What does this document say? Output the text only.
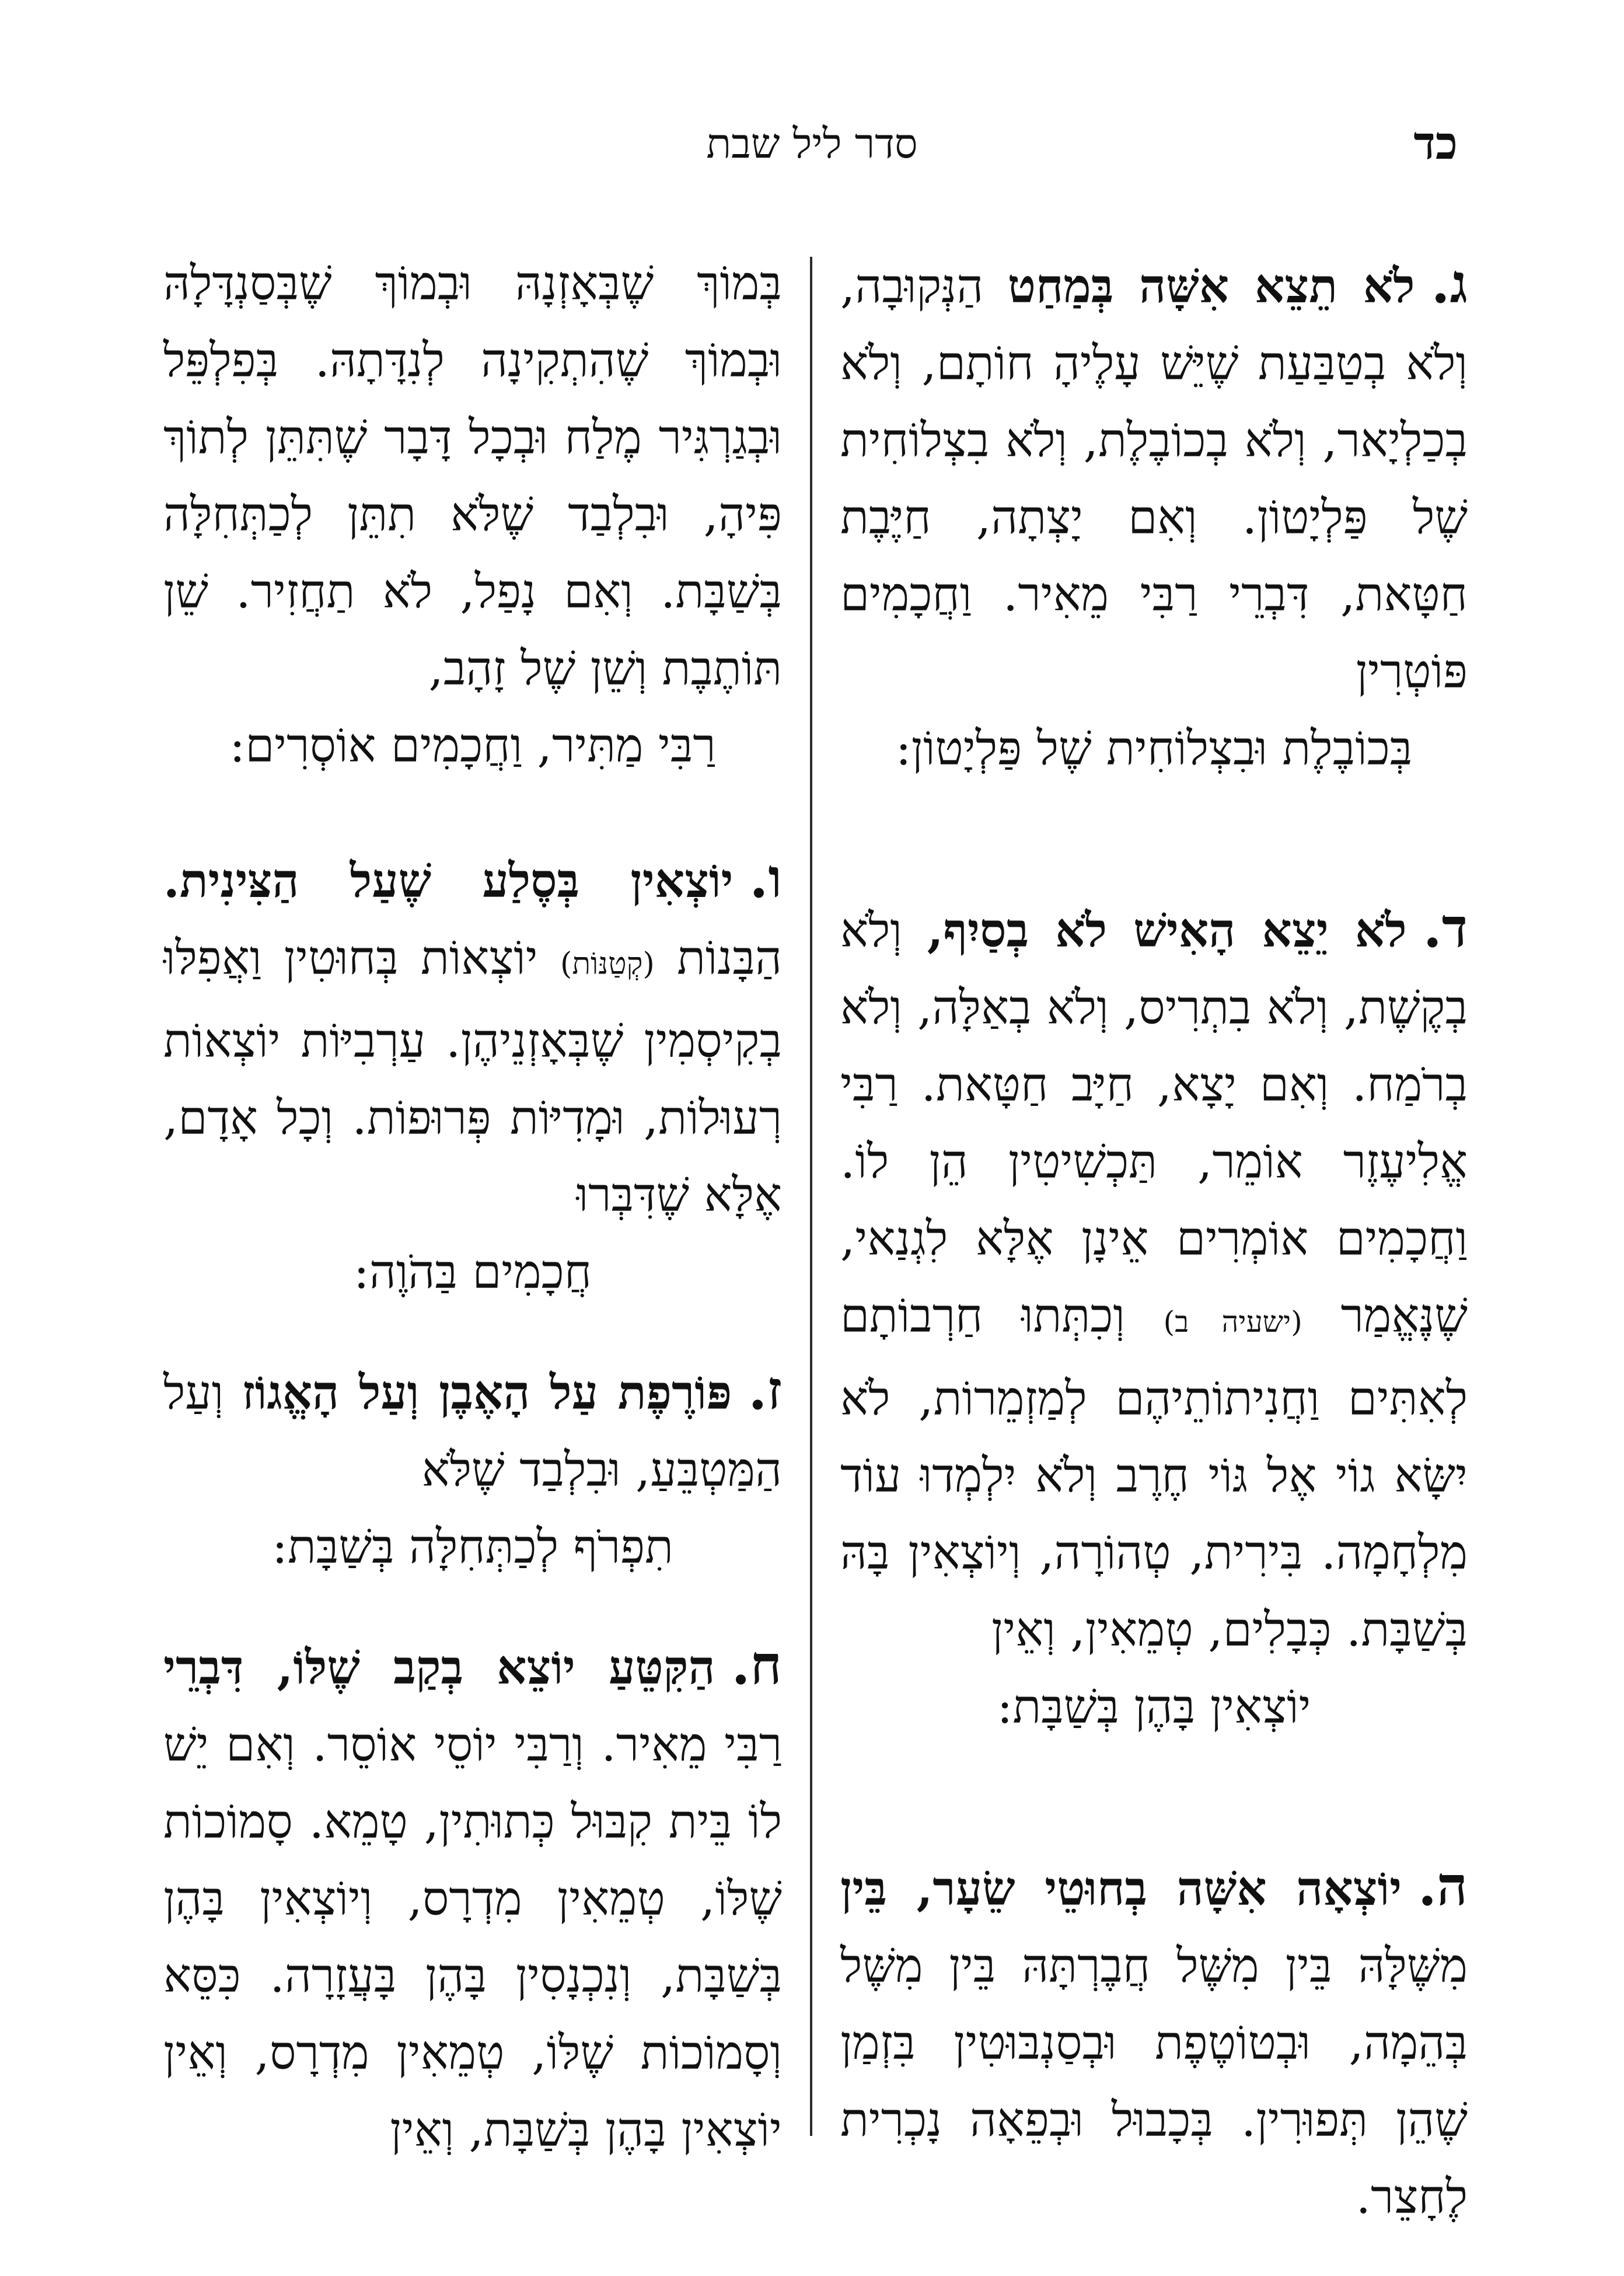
כד
סדר ליל שבת

ג.לֹא תֵצֵא אִשָּׁה בְּמַחַט הַנְּקוּבָה, וְלֹא בְטַבַּעַת שֶׁיֵּשׁ עָלֶיהָ חוֹתָם, וְלֹא בְכַלְיָאר, וְלֹא בְכוֹבֶלֶת, וְלֹא בִצְלוֹחִית שֶׁל פַּלְיָטוֹן. וְאִם יָצְתָה, חַיֶּבֶת חַטָּאת, דִּבְרֵי רַבִּי מֵאִיר. וַחֲכָמִים פּוֹטְרִין

בְּכוֹבֶלֶת וּבִצְלוֹחִית שֶׁל פַּלְיָטוֹן:

ד.לֹא יֵצֵא הָאִישׁ לֹא בְסַיִף, וְלֹא בְקֶשֶׁת, וְלֹא בִתְרִיס, וְלֹא בְאַלָּה, וְלֹא בְרֹמַח. וְאִם יָצָא, חַיָּב חַטָּאת. רַבִּי אֱלִיעֶזֶר אוֹמֵר, תַּכְשִׁיטִין הֵן לוֹ. וַחֲכָמִים אוֹמְרִים אֵינָן אֶלָּא לִגְנַאי, שֶׁנֶּאֱמַר (ישעיה ב) וְכִתְּתוּ חַרְבוֹתָם לְאִתִּים וַחֲנִיתוֹתֵיהֶם לְמַזְמֵרוֹת, לֹא יִשָּׂא גוֹי אֶל גּוֹי חֶרֶב וְלֹא יִלְמְדוּ עוֹד מִלְחָמָה. בִּירִית, טְהוֹרָה, וְיוֹצְאִין בָּהּ בְּשַׁבָּת. כְּבָלִים, טְמֵאִין, וְאֵין

יוֹצְאִין בָּהֶן בְּשַׁבָּת:

ה.יוֹצְאָה אִשָּׁה בְחוּטֵי שֵׂעָר, בֵּין מִשֶּׁלָּהּ בֵּין מִשֶּׁל חֲבֶרְתָּהּ בֵּין מִשֶּׁל בְּהֵמָה, וּבְטוֹטֶפֶת וּבְסַנְבּוּטִין בִּזְמַן שֶׁהֵן תְּפוּרִין. בְּכָבוּל וּבְפֵאָה נָכְרִית לֶחָצֵר.

בְּמוֹךְ שֶׁבְּאָזְנָהּ וּבְמוֹךְ שֶׁבְּסַנְדָּלָהּ וּבְמוֹךְ שֶׁהִתְקִינָה לְנִדָּתָהּ. בְּפִלְפֵּל וּבְגַרְגִּיר מֶלַח וּבְכָל דָּבָר שֶׁתִּתֵּן לְתוֹךְ פִּיהָ, וּבִלְבַד שֶׁלֹּא תִתֵּן לְכַתְּחִלָּה בְּשַׁבָּת. וְאִם נָפַל, לֹא תַחֲזִיר. שֵׁן תּוֹתֶבֶת וְשֵׁן שֶׁל זָהָב,

רַבִּי מַתִּיר, וַחֲכָמִים אוֹסְרִים:

ו.יוֹצְאִין בְּסֶלַע שֶׁעַל הַצִּינִית. הַבָּנוֹת (קְטַנּוֹת) יוֹצְאוֹת בְּחוּטִין וַאֲפִלּוּ בְקִיסְמִין שֶׁבְּאָזְנֵיהֶן. עַרְבִיּוֹת יוֹצְאוֹת רְעוּלוֹת, וּמָדִיּוֹת פְּרוּפוֹת. וְכָל אָדָם, אֶלָּא שֶׁדִּבְּרוּ

חֲכָמִים בַּהֹוֶה:

ז.פּוֹרֶפֶת עַל הָאֶבֶן וְעַל הָאֱגוֹז וְעַל הַמַּטְבֵּעַ, וּבִלְבַד שֶׁלֹּא

תִפְרֹף לְכַתְּחִלָּה בְּשַׁבָּת:

ח.הַקִּטֵּעַ יוֹצֵא בְקַב שֶׁלּוֹ, דִּבְרֵי רַבִּי מֵאִיר. וְרַבִּי יוֹסֵי אוֹסֵר. וְאִם יֵשׁ לוֹ בֵּית קִבּוּל כְּתוּתִין, טָמֵא. סָמוֹכוֹת שֶׁלּוֹ, טְמֵאִין מִדְרָס, וְיוֹצְאִין בָּהֶן בְּשַׁבָּת, וְנִכְנָסִין בָּהֶן בָּעֲזָרָה. כִּסֵּא וְסָמוֹכוֹת שֶׁלּוֹ, טְמֵאִין מִדְרָס, וְאֵין יוֹצְאִין בָּהֶן בְּשַׁבָּת, וְאֵין
